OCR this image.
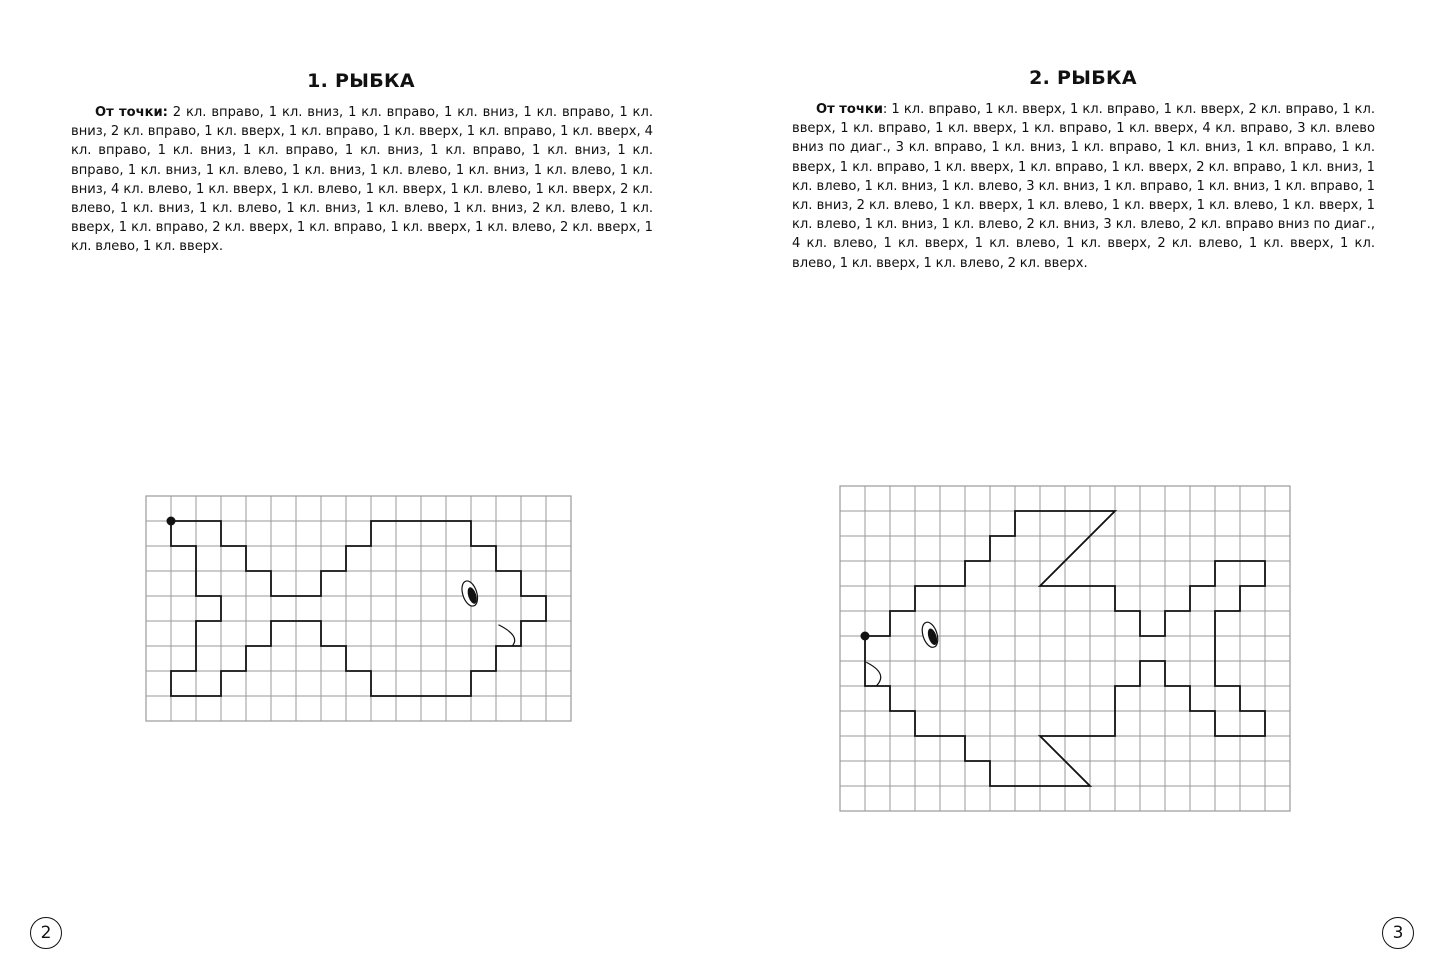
1. РЫБКА

От точки: 2 кл. вправо, 1 кл. вниз, 1 кл. вправо, 1 кл. вниз, 1 кл. вправо, 1 кл. вниз, 2 кл. вправо, 1 кл. вверх, 1 кл. вправо, 1 кл. вверх, 1 кл. вправо, 1 кл. вверх, 4 кл. вправо, 1 кл. вниз, 1 кл. вправо, 1 кл. вниз, 1 кл. вправо, 1 кл. вниз, 1 кл. вправо, 1 кл. вниз, 1 кл. влево, 1 кл. вниз, 1 кл. влево, 1 кл. вниз, 1 кл. влево, 1 кл. вниз, 4 кл. влево, 1 кл. вверх, 1 кл. влево, 1 кл. вверх, 1 кл. влево, 1 кл. вверх, 2 кл. влево, 1 кл. вниз, 1 кл. влево, 1 кл. вниз, 1 кл. влево, 1 кл. вниз, 2 кл. влево, 1 кл. вверх, 1 кл. вправо, 2 кл. вверх, 1 кл. вправо, 1 кл. вверх, 1 кл. влево, 2 кл. вверх, 1 кл. влево, 1 кл. вверх.

2
2. РЫБКА

От точки: 1 кл. вправо, 1 кл. вверх, 1 кл. вправо, 1 кл. вверх, 2 кл. вправо, 1 кл. вверх, 1 кл. вправо, 1 кл. вверх, 1 кл. вправо, 1 кл. вверх, 4 кл. вправо, 3 кл. влево вниз по диаг., 3 кл. вправо, 1 кл. вниз, 1 кл. вправо, 1 кл. вниз, 1 кл. вправо, 1 кл. вверх, 1 кл. вправо, 1 кл. вверх, 1 кл. вправо, 1 кл. вверх, 2 кл. вправо, 1 кл. вниз, 1 кл. влево, 1 кл. вниз, 1 кл. влево, 3 кл. вниз, 1 кл. вправо, 1 кл. вниз, 1 кл. вправо, 1 кл. вниз, 2 кл. влево, 1 кл. вверх, 1 кл. влево, 1 кл. вверх, 1 кл. влево, 1 кл. вверх, 1 кл. влево, 1 кл. вниз, 1 кл. влево, 2 кл. вниз, 3 кл. влево, 2 кл. вправо вниз по диаг., 4 кл. влево, 1 кл. вверх, 1 кл. влево, 1 кл. вверх, 2 кл. влево, 1 кл. вверх, 1 кл. влево, 1 кл. вверх, 1 кл. влево, 2 кл. вверх.

3
